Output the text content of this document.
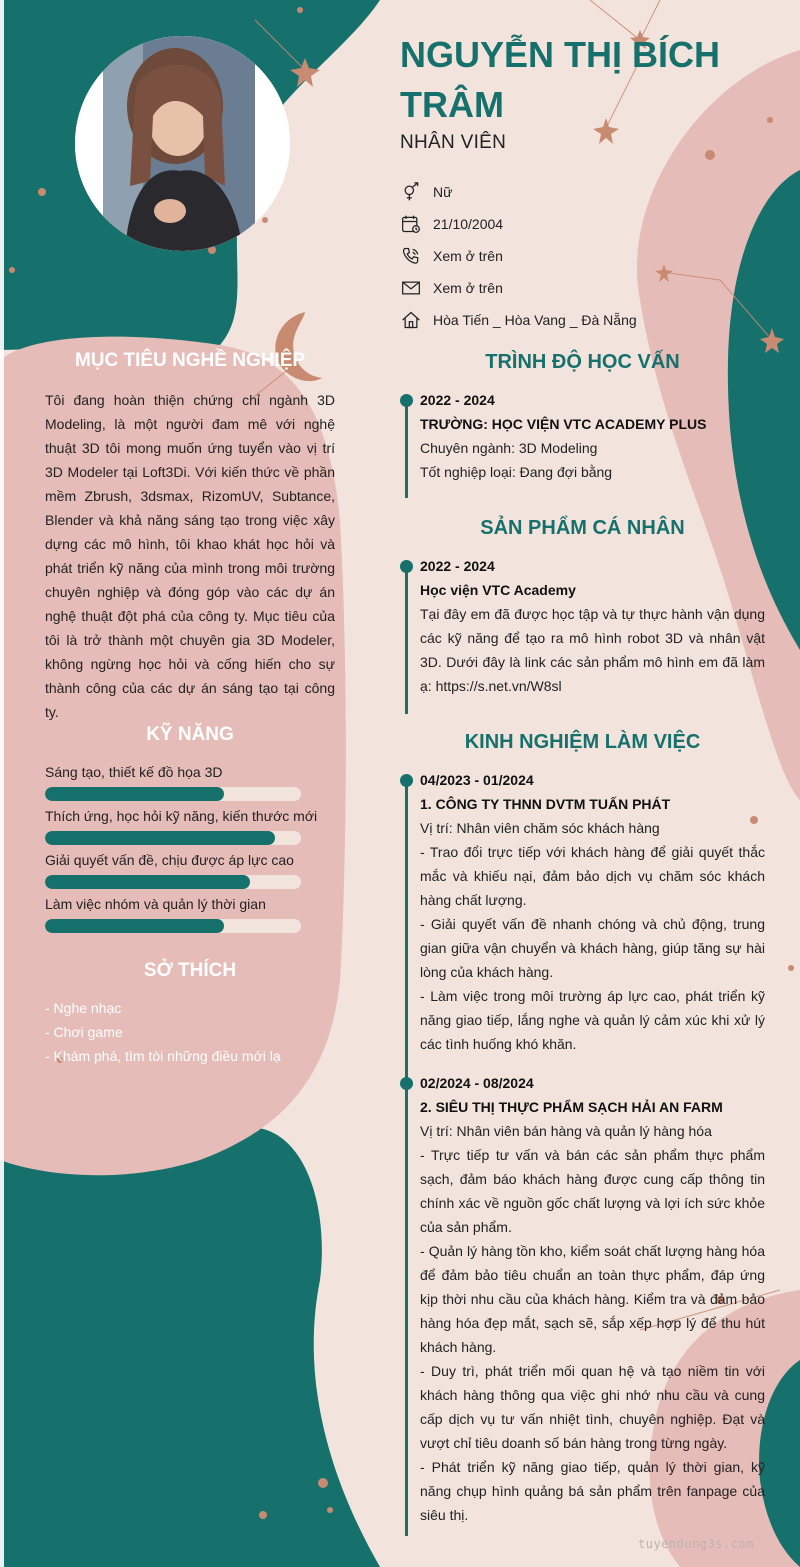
NGUYỄN THỊ BÍCH TRÂM
NHÂN VIÊN
Nữ
21/10/2004
Xem ở trên
Xem ở trên
Hòa Tiến _ Hòa Vang _ Đà Nẵng
MỤC TIÊU NGHỀ NGHIỆP
Tôi đang hoàn thiện chứng chỉ ngành 3D Modeling, là một người đam mê với nghệ thuật 3D tôi mong muốn ứng tuyển vào vị trí 3D Modeler tại Loft3Di. Với kiến thức về phần mềm Zbrush, 3dsmax, RizomUV, Subtance, Blender và khả năng sáng tạo trong việc xây dựng các mô hình, tôi khao khát học hỏi và phát triển kỹ năng của mình trong môi trường chuyên nghiệp và đóng góp vào các dự án nghệ thuật đột phá của công ty. Mục tiêu của tôi là trở thành một chuyên gia 3D Modeler, không ngừng học hỏi và cống hiến cho sự thành công của các dự án sáng tạo tại công ty.
KỸ NĂNG
Sáng tạo, thiết kế đồ họa 3D
Thích ứng, học hỏi kỹ năng, kiến thước mới
Giải quyết vấn đề, chịu được áp lực cao
Làm việc nhóm và quản lý thời gian
SỞ THÍCH
- Nghe nhạc
- Chơi game
- Khám phá, tìm tòi những điều mới lạ
TRÌNH ĐỘ HỌC VẤN
2022 - 2024
TRƯỜNG: HỌC VIỆN VTC ACADEMY PLUS
Chuyên ngành: 3D Modeling
Tốt nghiệp loại: Đang đợi bằng
SẢN PHẨM CÁ NHÂN
2022 - 2024
Học viện VTC Academy
Tại đây em đã được học tập và tự thực hành vận dụng các kỹ năng để tạo ra mô hình robot 3D và nhân vật 3D. Dưới đây là link các sản phẩm mô hình em đã làm ạ: https://s.net.vn/W8sl
KINH NGHIỆM LÀM VIỆC
04/2023 - 01/2024
1. CÔNG TY THNN DVTM TUẤN PHÁT
Vị trí: Nhân viên chăm sóc khách hàng
- Trao đổi trực tiếp với khách hàng để giải quyết thắc mắc và khiếu nại, đảm bảo dịch vụ chăm sóc khách hàng chất lượng.
- Giải quyết vấn đề nhanh chóng và chủ động, trung gian giữa vận chuyển và khách hàng, giúp tăng sự hài lòng của khách hàng.
- Làm việc trong môi trường áp lực cao, phát triển kỹ năng giao tiếp, lắng nghe và quản lý cảm xúc khi xử lý các tình huống khó khăn.
02/2024 - 08/2024
2. SIÊU THỊ THỰC PHẨM SẠCH HẢI AN FARM
Vị trí: Nhân viên bán hàng và quản lý hàng hóa
- Trực tiếp tư vấn và bán các sản phẩm thực phẩm sạch, đảm báo khách hàng được cung cấp thông tin chính xác về nguồn gốc chất lượng và lợi ích sức khỏe của sản phẩm.
- Quản lý hàng tồn kho, kiểm soát chất lượng hàng hóa để đảm bảo tiêu chuẩn an toàn thực phẩm, đáp ứng kịp thời nhu cầu của khách hàng. Kiểm tra và đảm bảo hàng hóa đẹp mắt, sạch sẽ, sắp xếp hợp lý để thu hút khách hàng.
- Duy trì, phát triển mối quan hệ và tạo niềm tin với khách hàng thông qua việc ghi nhớ nhu cầu và cung cấp dịch vụ tư vấn nhiệt tình, chuyên nghiệp. Đạt và vượt chỉ tiêu doanh số bán hàng trong từng ngày.
- Phát triển kỹ năng giao tiếp, quản lý thời gian, kỹ năng chụp hình quảng bá sản phẩm trên fanpage của siêu thị.
tuyendung3s.com
